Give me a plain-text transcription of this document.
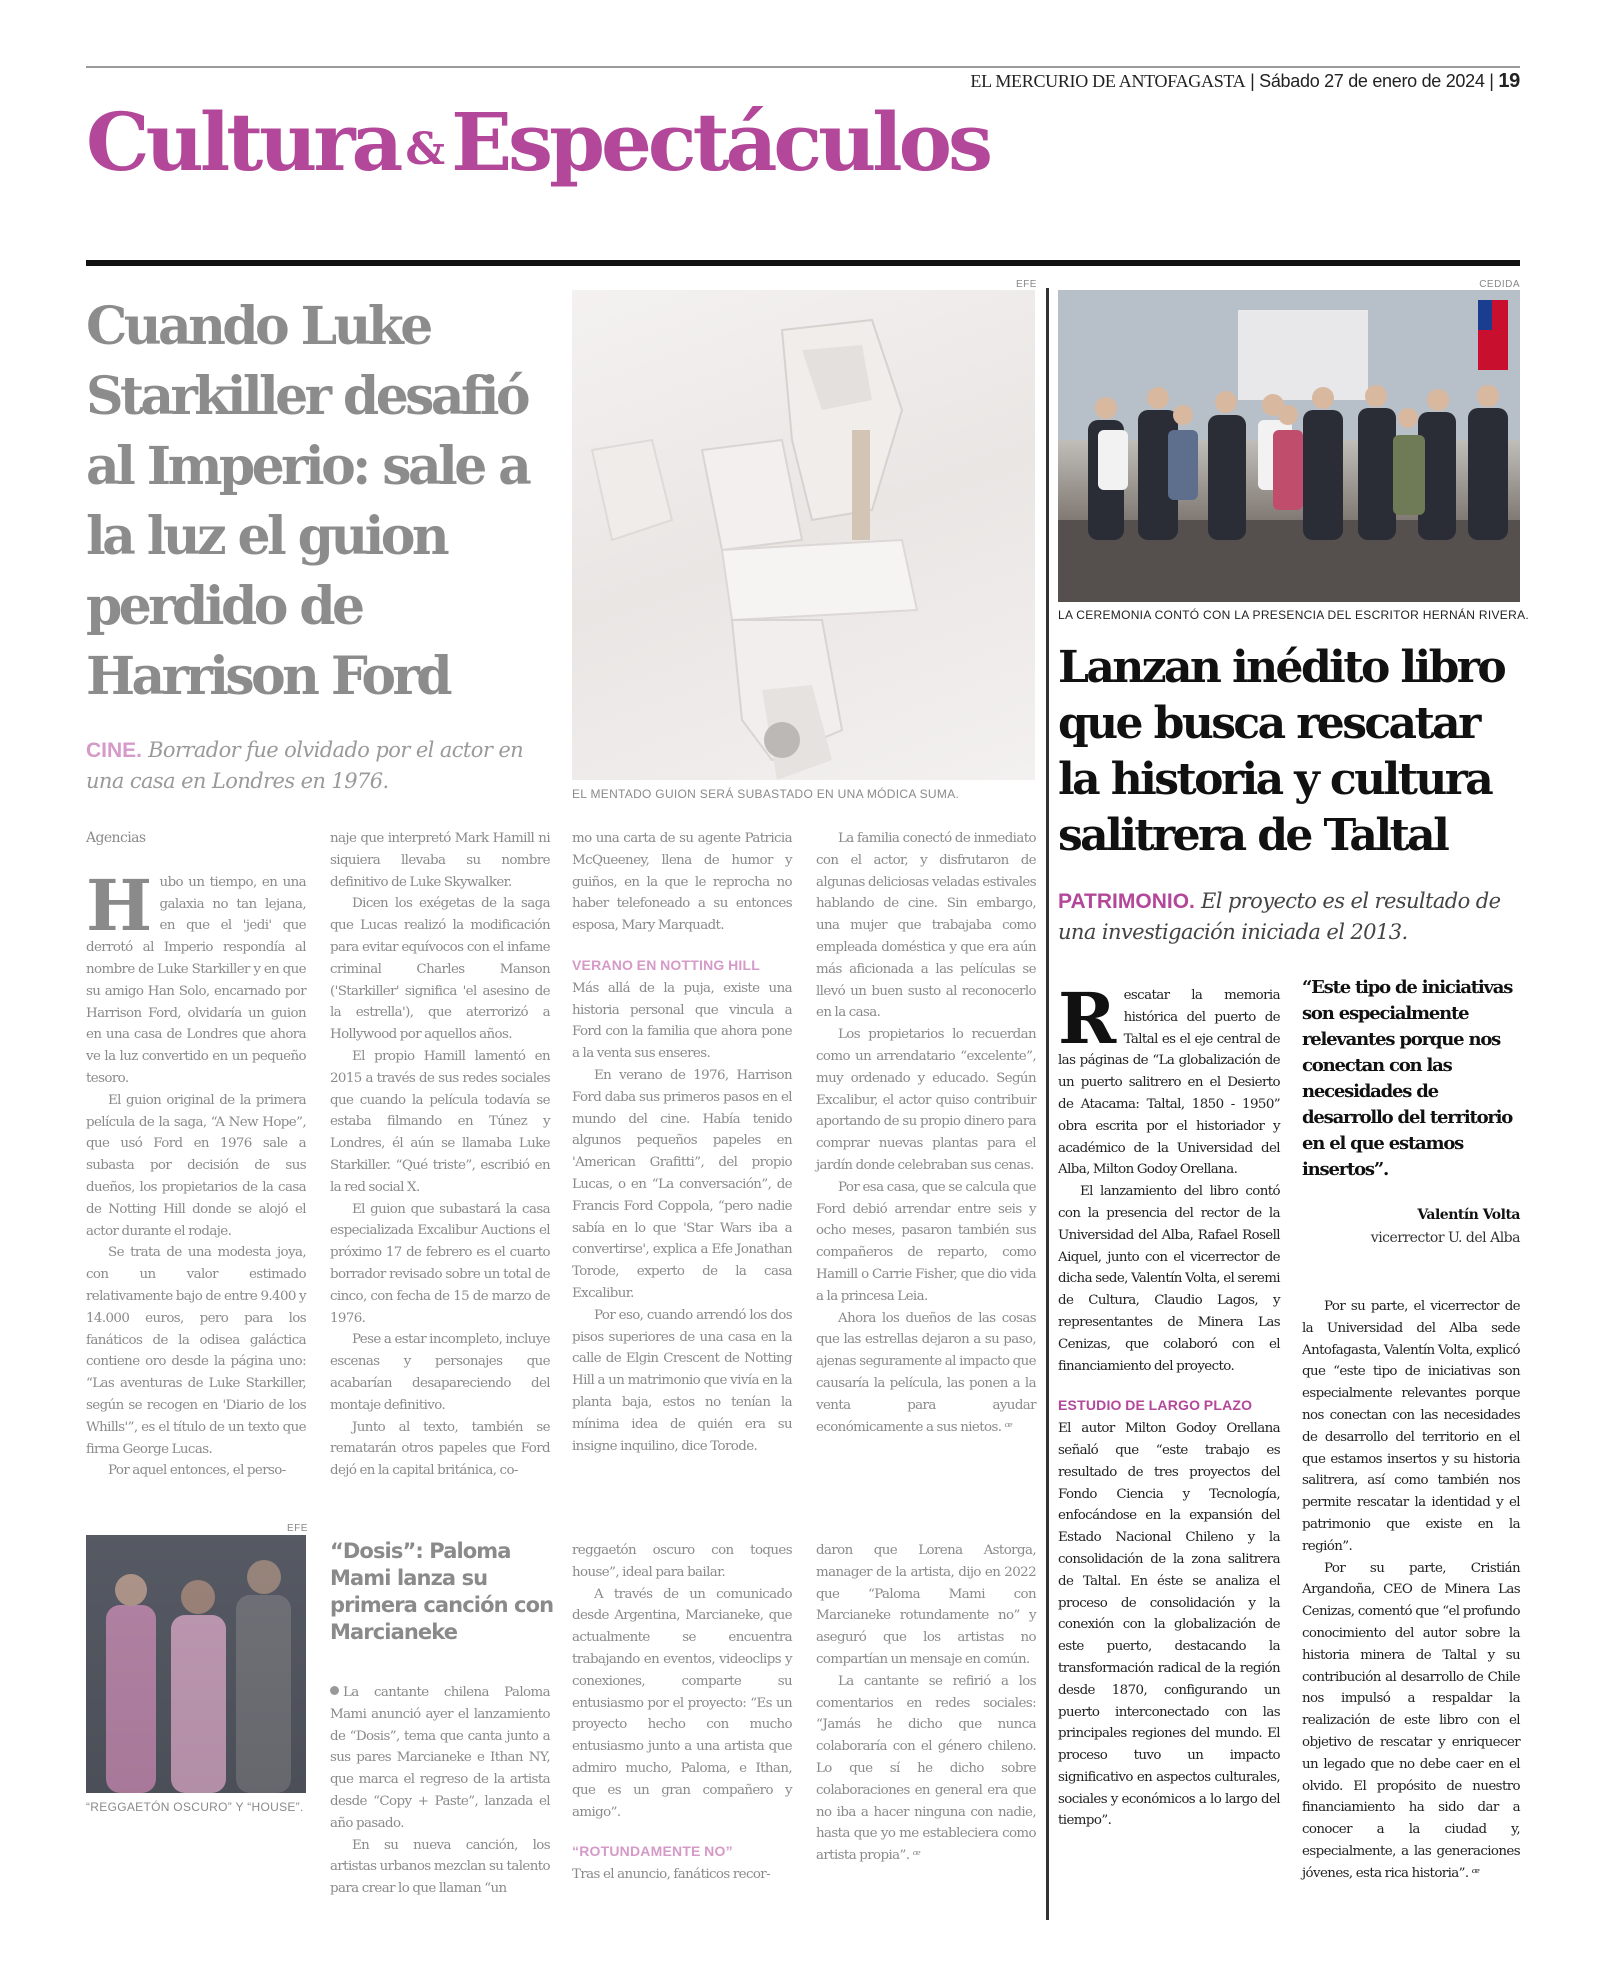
EL MERCURIO DE ANTOFAGASTA | Sábado 27 de enero de 2024 | 19
Cultura &Espectáculos
Cuando Luke Starkiller desafió al Imperio: sale a la luz el guion perdido de Harrison Ford
CINE. Borrador fue olvidado por el actor en una casa en Londres en 1976.
EFE
EL MENTADO GUION SERÁ SUBASTADO EN UNA MÓDICA SUMA.
Agencias
H ubo un tiempo, en una galaxia no tan lejana, en que el 'jedi' que derrotó al Imperio respondía al nombre de Luke Starkiller y en que su amigo Han Solo, encarnado por Harrison Ford, olvidaría un guion en una casa de Londres que ahora ve la luz convertido en un pequeño tesoro.

El guion original de la primera película de la saga, “A New Hope”, que usó Ford en 1976 sale a subasta por decisión de sus dueños, los propietarios de la casa de Notting Hill donde se alojó el actor durante el rodaje.

Se trata de una modesta joya, con un valor estimado relativamente bajo de entre 9.400 y 14.000 euros, pero para los fanáticos de la odisea galáctica contiene oro desde la página uno: “Las aventuras de Luke Starkiller, según se recogen en 'Diario de los Whills'”, es el título de un texto que firma George Lucas.

Por aquel entonces, el perso-

naje que interpretó Mark Hamill ni siquiera llevaba su nombre definitivo de Luke Skywalker.

Dicen los exégetas de la saga que Lucas realizó la modificación para evitar equívocos con el infame criminal Charles Manson ('Starkiller' significa 'el asesino de la estrella'), que aterrorizó a Hollywood por aquellos años.

El propio Hamill lamentó en 2015 a través de sus redes sociales que cuando la película todavía se estaba filmando en Túnez y Londres, él aún se llamaba Luke Starkiller. “Qué triste”, escribió en la red social X.

El guion que subastará la casa especializada Excalibur Auctions el próximo 17 de febrero es el cuarto borrador revisado sobre un total de cinco, con fecha de 15 de marzo de 1976.

Pese a estar incompleto, incluye escenas y personajes que acabarían desapareciendo del montaje definitivo.

Junto al texto, también se rematarán otros papeles que Ford dejó en la capital británica, co-

mo una carta de su agente Patricia McQueeney, llena de humor y guiños, en la que le reprocha no haber telefoneado a su entonces esposa, Mary Marquadt.

VERANO EN NOTTING HILL

Más allá de la puja, existe una historia personal que vincula a Ford con la familia que ahora pone a la venta sus enseres.

En verano de 1976, Harrison Ford daba sus primeros pasos en el mundo del cine. Había tenido algunos pequeños papeles en 'American Grafitti”, del propio Lucas, o en “La conversación”, de Francis Ford Coppola, “pero nadie sabía en lo que 'Star Wars iba a convertirse', explica a Efe Jonathan Torode, experto de la casa Excalibur.

Por eso, cuando arrendó los dos pisos superiores de una casa en la calle de Elgin Crescent de Notting Hill a un matrimonio que vivía en la planta baja, estos no tenían la mínima idea de quién era su insigne inquilino, dice Torode.

La familia conectó de inmediato con el actor, y disfrutaron de algunas deliciosas veladas estivales hablando de cine. Sin embargo, una mujer que trabajaba como empleada doméstica y que era aún más aficionada a las películas se llevó un buen susto al reconocerlo en la casa.

Los propietarios lo recuerdan como un arrendatario “excelente”, muy ordenado y educado. Según Excalibur, el actor quiso contribuir aportando de su propio dinero para comprar nuevas plantas para el jardín donde celebraban sus cenas.

Por esa casa, que se calcula que Ford debió arrendar entre seis y ocho meses, pasaron también sus compañeros de reparto, como Hamill o Carrie Fisher, que dio vida a la princesa Leia.

Ahora los dueños de las cosas que las estrellas dejaron a su paso, ajenas seguramente al impacto que causaría la película, las ponen a la venta para ayudar económicamente a sus nietos. ꟹ

CEDIDA
LA CEREMONIA CONTÓ CON LA PRESENCIA DEL ESCRITOR HERNÁN RIVERA.
Lanzan inédito libro que busca rescatar la historia y cultura salitrera de Taltal
PATRIMONIO. El proyecto es el resultado de una investigación iniciada el 2013.
R escatar la memoria histórica del puerto de Taltal es el eje central de las páginas de “La globalización de un puerto salitrero en el Desierto de Atacama: Taltal, 1850 - 1950” obra escrita por el historiador y académico de la Universidad del Alba, Milton Godoy Orellana.

El lanzamiento del libro contó con la presencia del rector de la Universidad del Alba, Rafael Rosell Aiquel, junto con el vicerrector de dicha sede, Valentín Volta, el seremi de Cultura, Claudio Lagos, y representantes de Minera Las Cenizas, que colaboró con el financiamiento del proyecto.

ESTUDIO DE LARGO PLAZO

El autor Milton Godoy Orellana señaló que “este trabajo es resultado de tres proyectos del Fondo Ciencia y Tecnología, enfocándose en la expansión del Estado Nacional Chileno y la consolidación de la zona salitrera de Taltal. En éste se analiza el proceso de consolidación y la conexión con la globalización de este puerto, destacando la transformación radical de la región desde 1870, configurando un puerto interconectado con las principales regiones del mundo. El proceso tuvo un impacto significativo en aspectos culturales, sociales y económicos a lo largo del tiempo”.

“Este tipo de iniciativas son especialmente relevantes porque nos conectan con las necesidades de desarrollo del territorio en el que estamos insertos”.
Valentín Volta
vicerrector U. del Alba

Por su parte, el vicerrector de la Universidad del Alba sede Antofagasta, Valentín Volta, explicó que “este tipo de iniciativas son especialmente relevantes porque nos conectan con las necesidades de desarrollo del territorio en el que estamos insertos y su historia salitrera, así como también nos permite rescatar la identidad y el patrimonio que existe en la región”.

Por su parte, Cristián Argandoña, CEO de Minera Las Cenizas, comentó que “el profundo conocimiento del autor sobre la historia minera de Taltal y su contribución al desarrollo de Chile nos impulsó a respaldar la realización de este libro con el objetivo de rescatar y enriquecer un legado que no debe caer en el olvido. El propósito de nuestro financiamiento ha sido dar a conocer a la ciudad y, especialmente, a las generaciones jóvenes, esta rica historia”. ꟹ

EFE
“REGGAETÓN OSCURO” Y “HOUSE”.
“Dosis”: Paloma Mami lanza su primera canción con Marcianeke

La cantante chilena Paloma Mami anunció ayer el lanzamiento de “Dosis”, tema que canta junto a sus pares Marcianeke e Ithan NY, que marca el regreso de la artista desde “Copy + Paste”, lanzada el año pasado.

En su nueva canción, los artistas urbanos mezclan su talento para crear lo que llaman “un

reggaetón oscuro con toques house”, ideal para bailar.

A través de un comunicado desde Argentina, Marcianeke, que actualmente se encuentra trabajando en eventos, videoclips y conexiones, comparte su entusiasmo por el proyecto: “Es un proyecto hecho con mucho entusiasmo junto a una artista que admiro mucho, Paloma, e Ithan, que es un gran compañero y amigo”.

“ROTUNDAMENTE NO”

Tras el anuncio, fanáticos recor-

daron que Lorena Astorga, manager de la artista, dijo en 2022 que “Paloma Mami con Marcianeke rotundamente no” y aseguró que los artistas no compartían un mensaje en común.

La cantante se refirió a los comentarios en redes sociales: “Jamás he dicho que nunca colaboraría con el género chileno. Lo que sí he dicho sobre colaboraciones en general era que no iba a hacer ninguna con nadie, hasta que yo me estableciera como artista propia”. ꟹ
